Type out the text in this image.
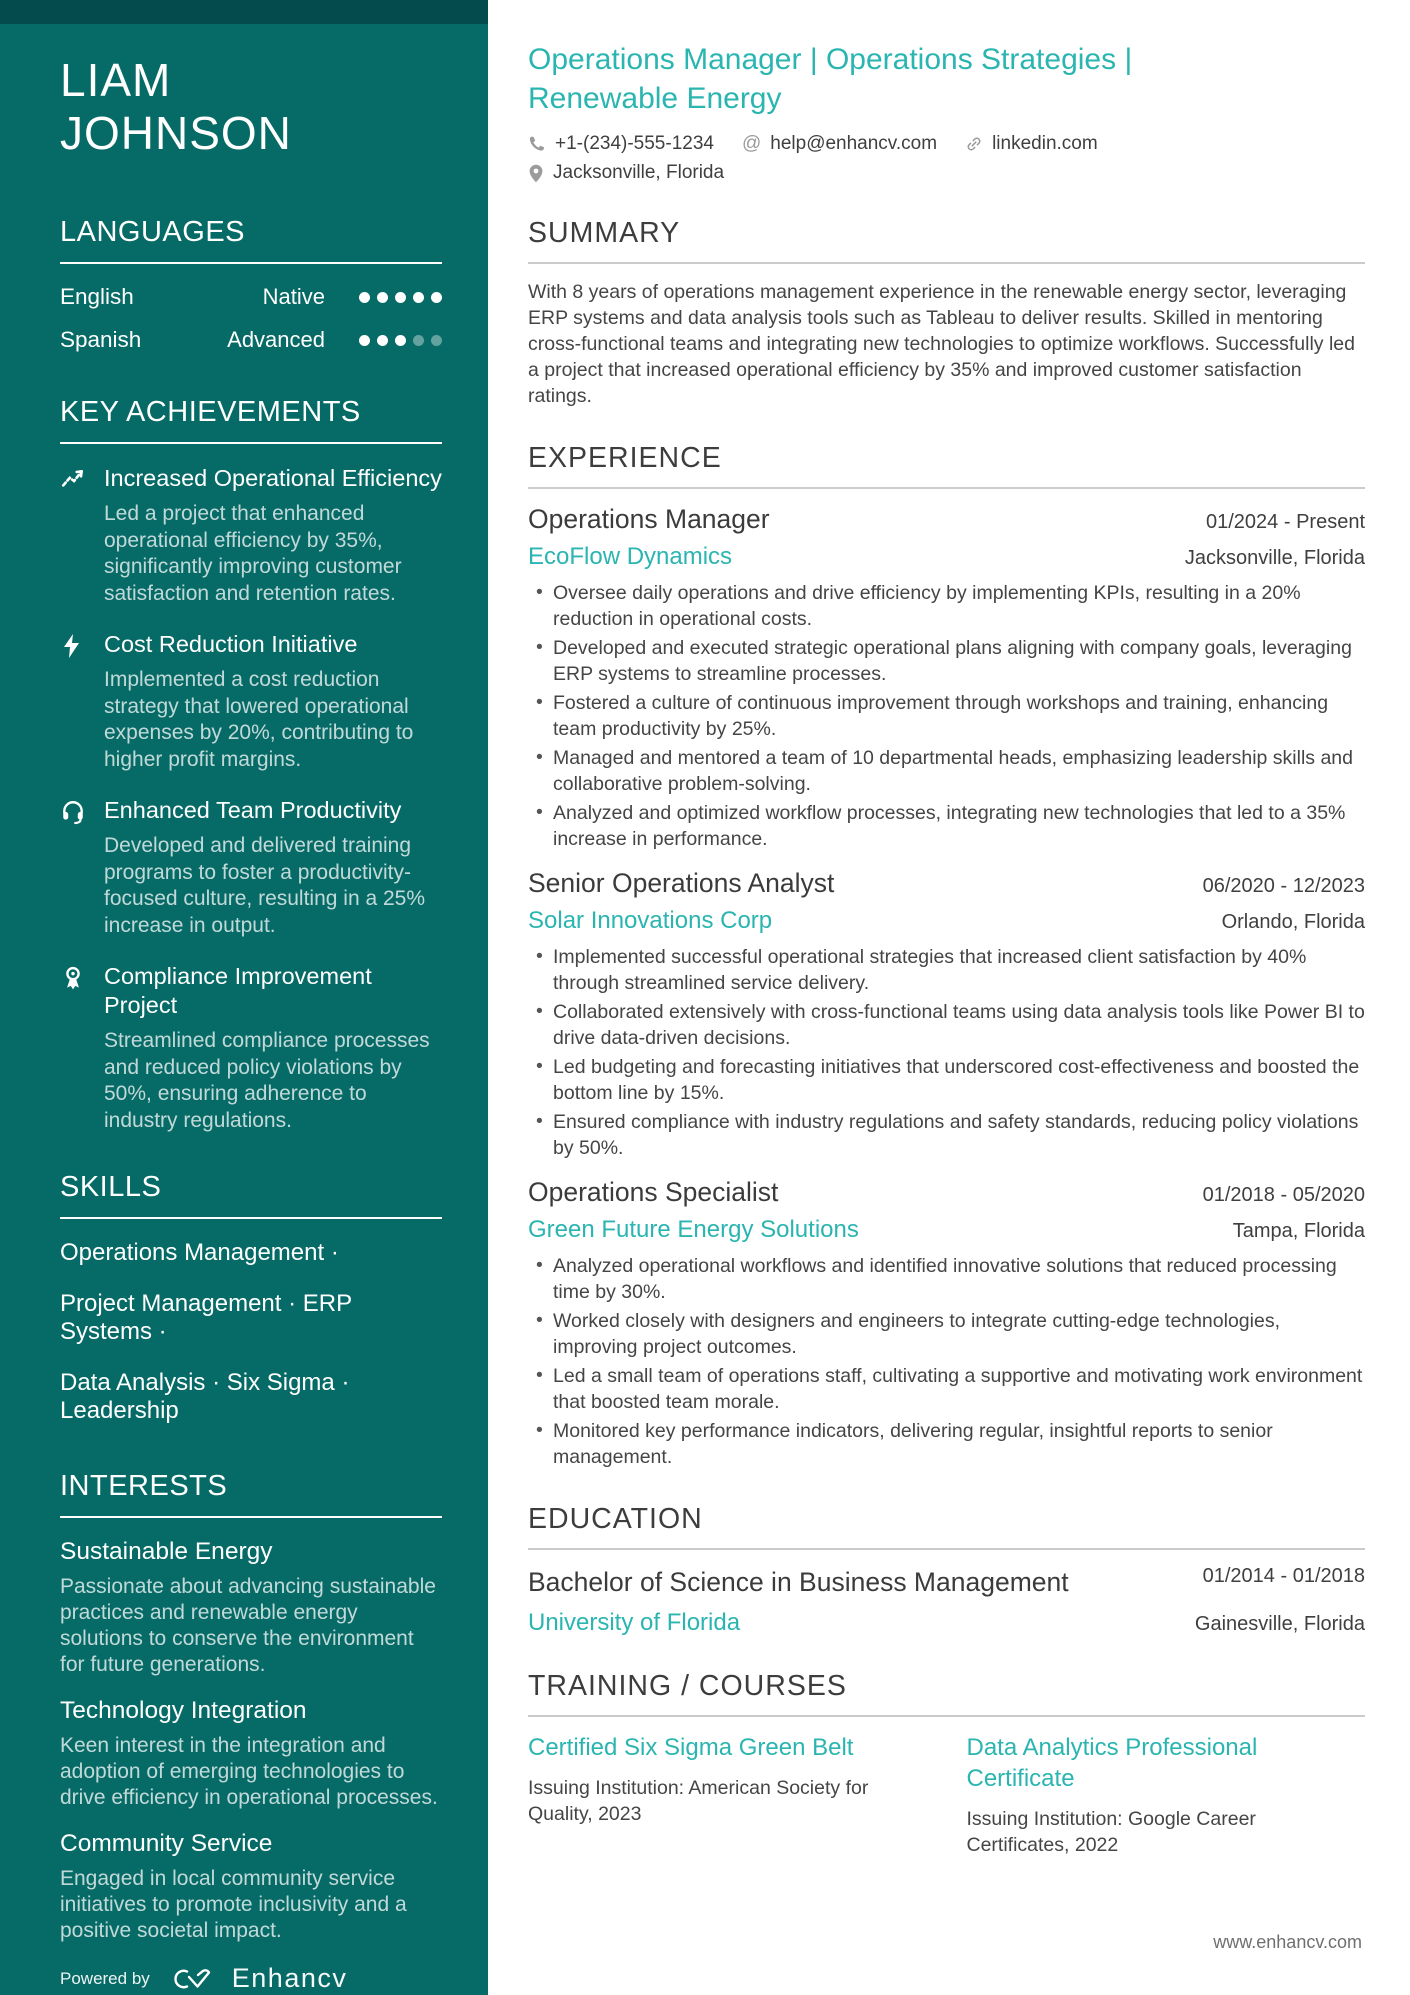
LIAM
JOHNSON
LANGUAGES
English	Native
Spanish	Advanced
KEY ACHIEVEMENTS
Increased Operational Efficiency
Led a project that enhanced operational efficiency by 35%, significantly improving customer satisfaction and retention rates.
Cost Reduction Initiative
Implemented a cost reduction strategy that lowered operational expenses by 20%, contributing to higher profit margins.
Enhanced Team Productivity
Developed and delivered training programs to foster a productivity-focused culture, resulting in a 25% increase in output.
Compliance Improvement Project
Streamlined compliance processes and reduced policy violations by 50%, ensuring adherence to industry regulations.
SKILLS
Operations Management ·
Project Management · ERP Systems ·
Data Analysis · Six Sigma · Leadership
INTERESTS
Sustainable Energy
Passionate about advancing sustainable practices and renewable energy solutions to conserve the environment for future generations.
Technology Integration
Keen interest in the integration and adoption of emerging technologies to drive efficiency in operational processes.
Community Service
Engaged in local community service initiatives to promote inclusivity and a positive societal impact.
Powered by	Enhancv
Operations Manager | Operations Strategies |
Renewable Energy
+1-(234)-555-1234 @ help@enhancv.com	linkedin.com
Jacksonville, Florida
SUMMARY

With 8 years of operations management experience in the renewable energy sector, leveraging ERP systems and data analysis tools such as Tableau to deliver results. Skilled in mentoring cross-functional teams and integrating new technologies to optimize workflows. Successfully led a project that increased operational efficiency by 35% and improved customer satisfaction ratings.

EXPERIENCE
Operations Manager	01/2024 - Present
EcoFlow Dynamics	Jacksonville, Florida
• Oversee daily operations and drive efficiency by implementing KPIs, resulting in a 20% reduction in operational costs.
• Developed and executed strategic operational plans aligning with company goals, leveraging ERP systems to streamline processes.
• Fostered a culture of continuous improvement through workshops and training, enhancing team productivity by 25%.
• Managed and mentored a team of 10 departmental heads, emphasizing leadership skills and collaborative problem-solving.
• Analyzed and optimized workflow processes, integrating new technologies that led to a 35% increase in performance.
Senior Operations Analyst	06/2020 - 12/2023
Solar Innovations Corp	Orlando, Florida
• Implemented successful operational strategies that increased client satisfaction by 40% through streamlined service delivery.
• Collaborated extensively with cross-functional teams using data analysis tools like Power BI to drive data-driven decisions.
• Led budgeting and forecasting initiatives that underscored cost-effectiveness and boosted the bottom line by 15%.
• Ensured compliance with industry regulations and safety standards, reducing policy violations by 50%.
Operations Specialist	01/2018 - 05/2020
Green Future Energy Solutions	Tampa, Florida
• Analyzed operational workflows and identified innovative solutions that reduced processing time by 30%.
• Worked closely with designers and engineers to integrate cutting-edge technologies, improving project outcomes.
• Led a small team of operations staff, cultivating a supportive and motivating work environment that boosted team morale.
• Monitored key performance indicators, delivering regular, insightful reports to senior management.
EDUCATION
Bachelor of Science in Business Management	01/2014 - 01/2018
University of Florida	Gainesville, Florida
TRAINING / COURSES
Certified Six Sigma Green Belt
Issuing Institution: American Society for Quality, 2023
Data Analytics Professional Certificate
Issuing Institution: Google Career Certificates, 2022
www.enhancv.com
